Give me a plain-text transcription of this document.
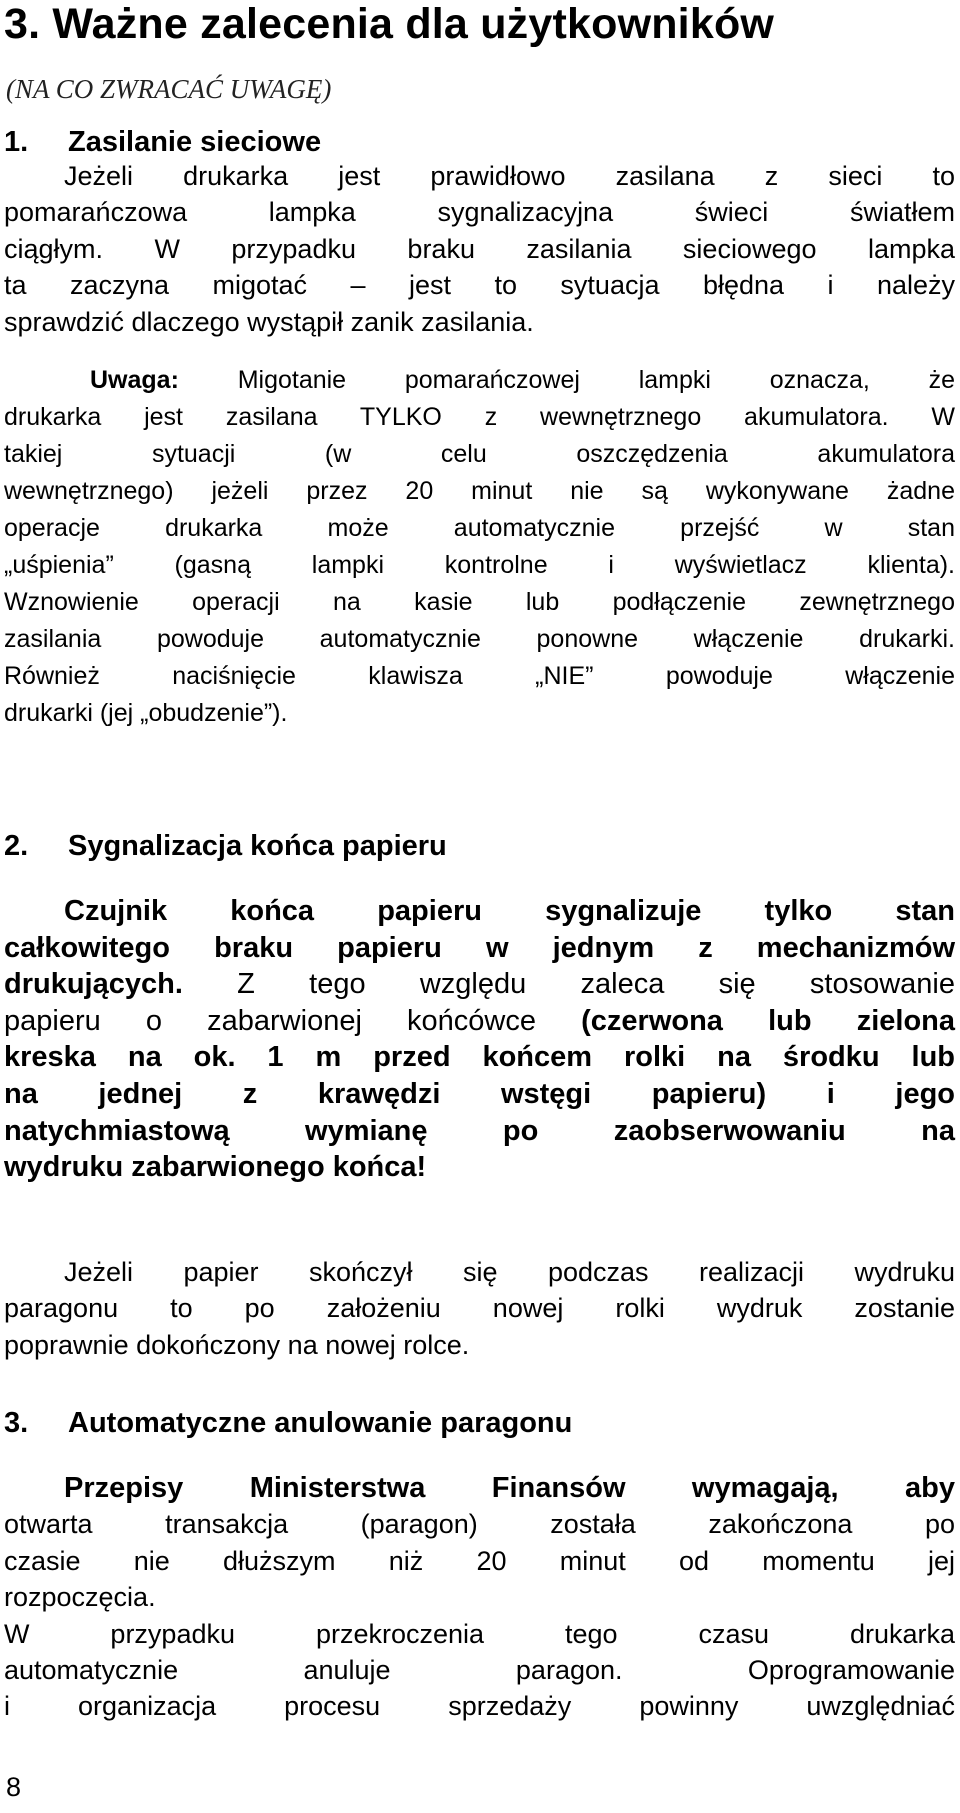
3. Ważne zalecenia dla użytkowników

(NA CO ZWRACAĆ UWAGĘ)

1. Zasilanie sieciowe
Jeżeli drukarka jest prawidłowo zasilana z sieci to
pomarańczowa lampka sygnalizacyjna świeci światłem
ciągłym. W przypadku braku zasilania sieciowego lampka
ta zaczyna migotać – jest to sytuacja błędna i należy
sprawdzić dlaczego wystąpił zanik zasilania.
Uwaga: Migotanie pomarańczowej lampki oznacza, że
drukarka jest zasilana TYLKO z wewnętrznego akumulatora. W
takiej sytuacji (w celu oszczędzenia akumulatora
wewnętrznego) jeżeli przez 20 minut nie są wykonywane żadne
operacje drukarka może automatycznie przejść w stan
„uśpienia” (gasną lampki kontrolne i wyświetlacz klienta).
Wznowienie operacji na kasie lub podłączenie zewnętrznego
zasilania powoduje automatycznie ponowne włączenie drukarki.
Również naciśnięcie klawisza „NIE” powoduje włączenie
drukarki (jej „obudzenie”).
2. Sygnalizacja końca papieru
Czujnik końca papieru sygnalizuje tylko stan
całkowitego braku papieru w jednym z mechanizmów
drukujących. Z tego względu zaleca się stosowanie
papieru o zabarwionej końcówce (czerwona lub zielona
kreska na ok. 1 m przed końcem rolki na środku lub
na jednej z krawędzi wstęgi papieru) i jego
natychmiastową wymianę po zaobserwowaniu na
wydruku zabarwionego końca!
Jeżeli papier skończył się podczas realizacji wydruku
paragonu to po założeniu nowej rolki wydruk zostanie
poprawnie dokończony na nowej rolce.
3. Automatyczne anulowanie paragonu
Przepisy Ministerstwa Finansów wymagają, aby
otwarta transakcja (paragon) została zakończona po
czasie nie dłuższym niż 20 minut od momentu jej
rozpoczęcia.
W przypadku przekroczenia tego czasu drukarka
automatycznie anuluje paragon. Oprogramowanie
i organizacja procesu sprzedaży powinny uwzględniać

8
